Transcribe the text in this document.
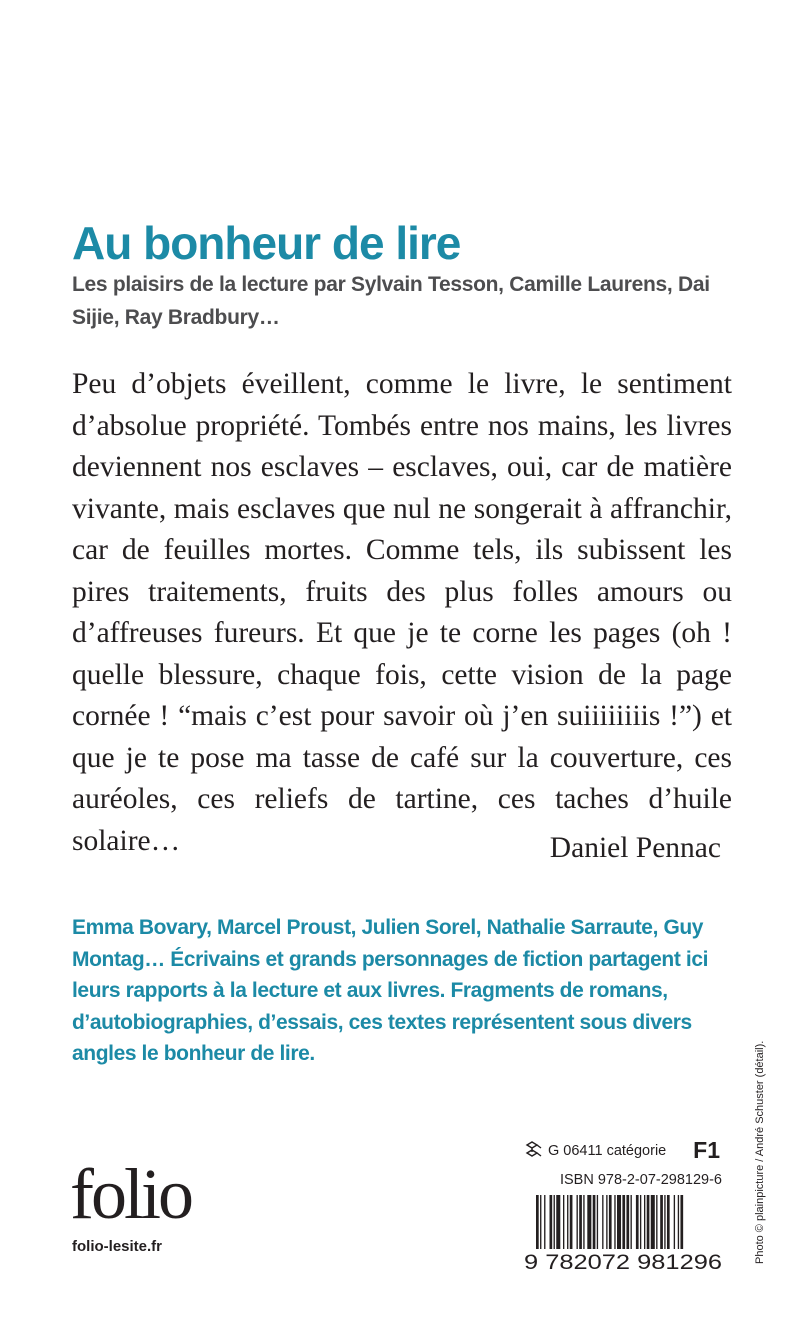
Au bonheur de lire

Les plaisirs de la lecture par Sylvain Tesson, Camille Laurens, Dai Sijie, Ray Bradbury…

Peu d’objets éveillent, comme le livre, le sentiment d’absolue propriété. Tombés entre nos mains, les livres deviennent nos esclaves – esclaves, oui, car de matière vivante, mais esclaves que nul ne songerait à affranchir, car de feuilles mortes. Comme tels, ils subissent les pires traitements, fruits des plus folles amours ou d’affreuses fureurs. Et que je te corne les pages (oh ! quelle blessure, chaque fois, cette vision de la page cornée ! “mais c’est pour savoir où j’en suiiiiiiiis !”) et que je te pose ma tasse de café sur la couverture, ces auréoles, ces reliefs de tartine, ces taches d’huile solaire…	Daniel Pennac

Emma Bovary, Marcel Proust, Julien Sorel, Nathalie Sarraute, Guy Montag… Écrivains et grands personnages de fiction partagent ici leurs rapports à la lecture et aux livres. Fragments de romans, d’autobiographies, d’essais, ces textes représentent sous divers angles le bonheur de lire.

folio
folio-lesite.fr
G 06411 catégorie F1
ISBN 978-2-07-298129-6
9 782072 981296	Photo © plainpicture / André Schuster (détail).
